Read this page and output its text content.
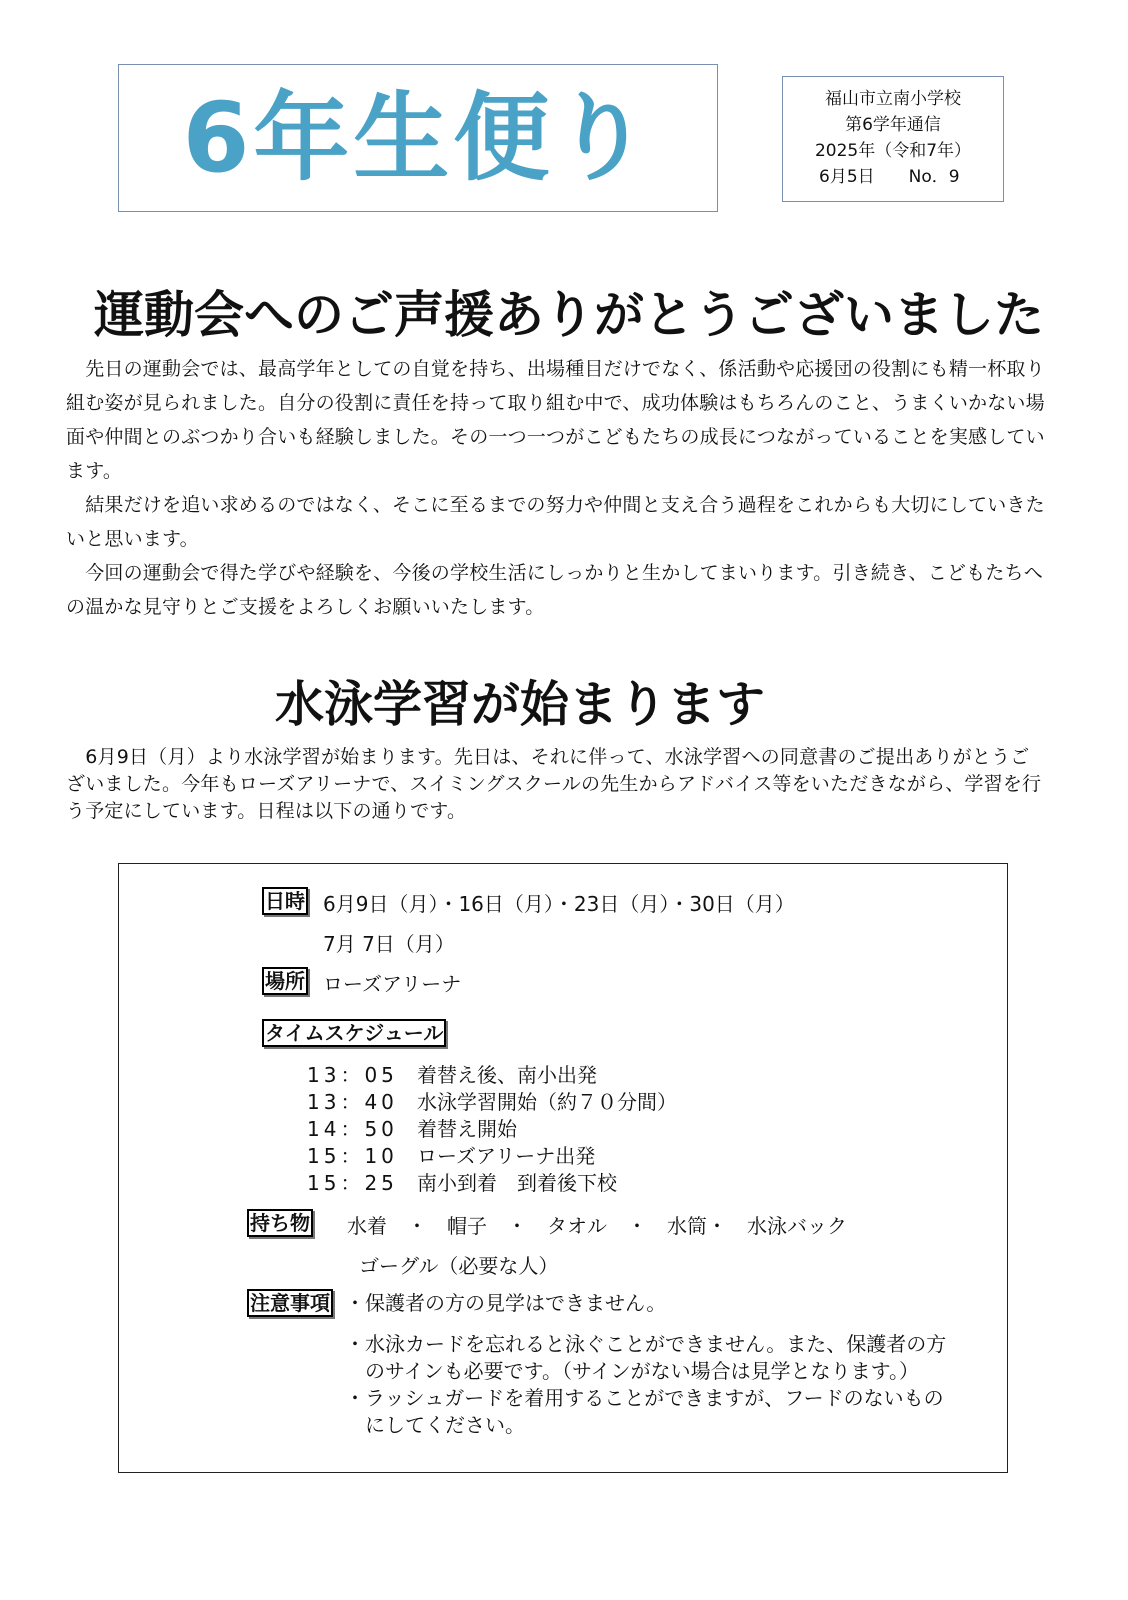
6年生便り	福山市立南小学校
第6学年通信
2025年（令和7年）
6月5日　　 No．9
運動会へのご声援ありがとうございました

　先日の運動会では、最高学年としての自覚を持ち、出場種目だけでなく、係活動や応援団の役割にも精一杯取り

組む姿が見られました。自分の役割に責任を持って取り組む中で、成功体験はもちろんのこと、うまくいかない場

面や仲間とのぶつかり合いも経験しました。その一つ一つがこどもたちの成長につながっていることを実感してい

ます。

　結果だけを追い求めるのではなく、そこに至るまでの努力や仲間と支え合う過程をこれからも大切にしていきた

いと思います。

　今回の運動会で得た学びや経験を、今後の学校生活にしっかりと生かしてまいります。引き続き、こどもたちへ

の温かな見守りとご支援をよろしくお願いいたします。

水泳学習が始まります

　6月9日（月）より水泳学習が始まります。先日は、それに伴って、水泳学習への同意書のご提出ありがとうご

ざいました。今年もローズアリーナで、スイミングスクールの先生からアドバイス等をいただきながら、学習を行

う予定にしています。日程は以下の通りです。

日時 6月9日（月）・16日（月）・23日（月）・30日（月）
7月 7日（月）
場所 ローズアリーナ
タイムスケジュール
13：05 着替え後、南小出発
13：40 水泳学習開始（約７０分間）
14：50 着替え開始
15：10 ローズアリーナ出発
15：25 南小到着　到着後下校
持ち物 水着　・　帽子　・　タオル　・　水筒・　水泳バック
ゴーグル（必要な人）
注意事項 ・保護者の方の見学はできません。
・水泳カードを忘れると泳ぐことができません。また、保護者の方
　のサインも必要です。（サインがない場合は見学となります。）
・ラッシュガードを着用することができますが、フードのないもの
　にしてください。
